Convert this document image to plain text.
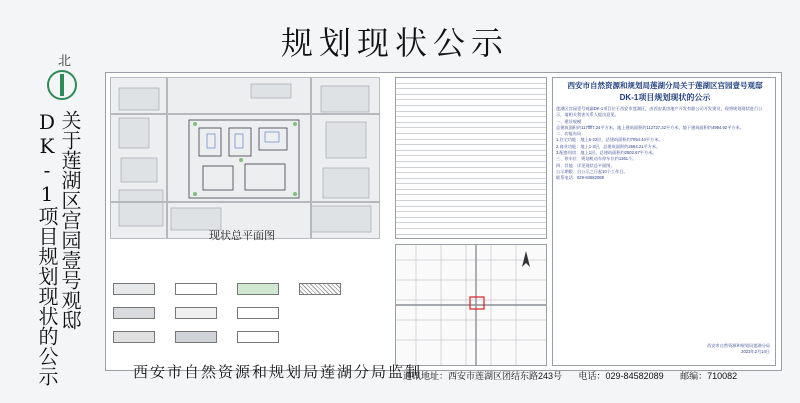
规划现状公示
北
关于莲湖区宫园壹号观邸
DK-1项目规划现状的公示	现状总平面图
西安市自然资源和规划局莲湖分局关于莲湖区宫园壹号观邸
DK-1项目规划现状的公示

莲湖区宫园壹号观邸DK-1项目位于西安市莲湖区，由西安某房地产开发有限公司开发建设，现将规划现状进行公示，请相关利害关系人提出意见。

一、建设规模

总建筑面积约117ffff7.24平方米，地上建筑面积约112727.32平方米，地下建筑面积约4994.92平方米。

二、功能布局

1.住宅功能：地上5-22层，总建筑面积约7054.44平方米。

2.商业功能：地上1-3层，总建筑面积约2664.21平方米。

3.配套用房：地上1层，总建筑面积约2502.67平方米。

三、停车位：规划机动车停车位约1361个。

四、其他：详见现状总平面图。

公示期限：自公示之日起10个工作日。

联系电话：029-84582089

西安市自然资源和规划局莲湖分局
2023年2月14日
西安市自然资源和规划局莲湖分局监制
通讯地址：西安市莲湖区团结东路243号 电话：029-84582089 邮编：710082
